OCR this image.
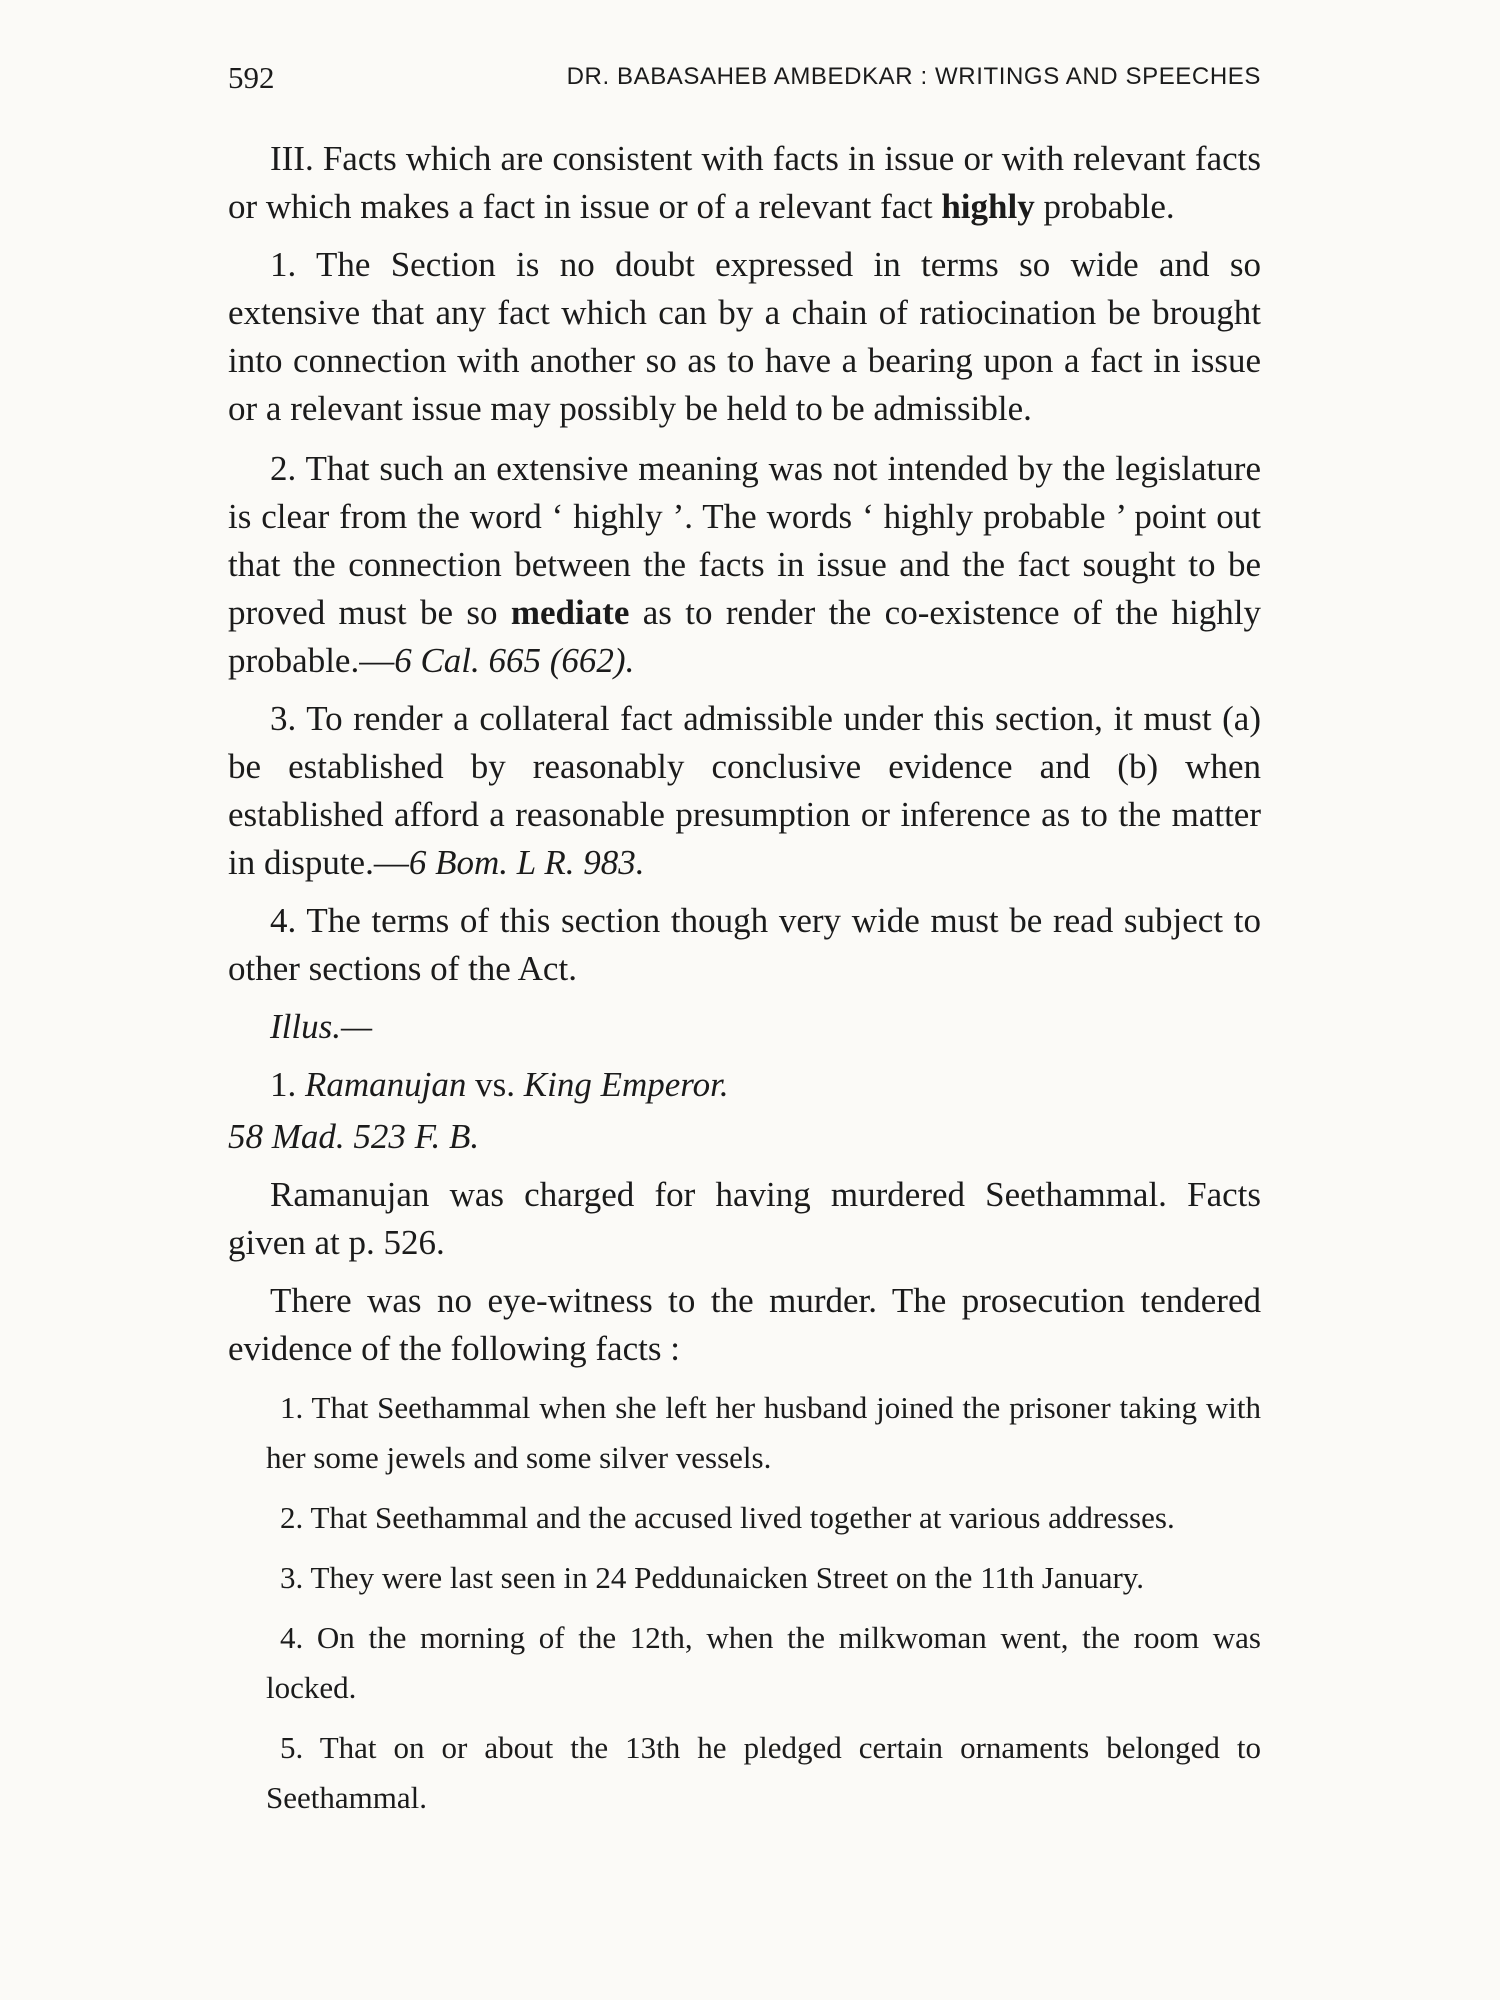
592	DR. BABASAHEB AMBEDKAR : WRITINGS AND SPEECHES

III. Facts which are consistent with facts in issue or with relevant facts or which makes a fact in issue or of a relevant fact highly probable.

1. The Section is no doubt expressed in terms so wide and so extensive that any fact which can by a chain of ratiocination be brought into connection with another so as to have a bearing upon a fact in issue or a relevant issue may possibly be held to be admissible.

2. That such an extensive meaning was not intended by the legislature is clear from the word ‘ highly ’. The words ‘ highly probable ’ point out that the connection between the facts in issue and the fact sought to be proved must be so mediate as to render the co-existence of the highly probable.—6 Cal. 665 (662).

3. To render a collateral fact admissible under this section, it must (a) be established by reasonably conclusive evidence and (b) when established afford a reasonable presumption or inference as to the matter in dispute.—6 Bom. L R. 983.

4. The terms of this section though very wide must be read subject to other sections of the Act.

Illus.—

1. Ramanujan vs. King Emperor.

58 Mad. 523 F. B.

Ramanujan was charged for having murdered Seethammal. Facts given at p. 526.

There was no eye-witness to the murder. The prosecution tendered evidence of the following facts :

1. That Seethammal when she left her husband joined the prisoner taking with her some jewels and some silver vessels.

2. That Seethammal and the accused lived together at various addresses.

3. They were last seen in 24 Peddunaicken Street on the 11th January.

4. On the morning of the 12th, when the milkwoman went, the room was locked.

5. That on or about the 13th he pledged certain ornaments belonged to Seethammal.
